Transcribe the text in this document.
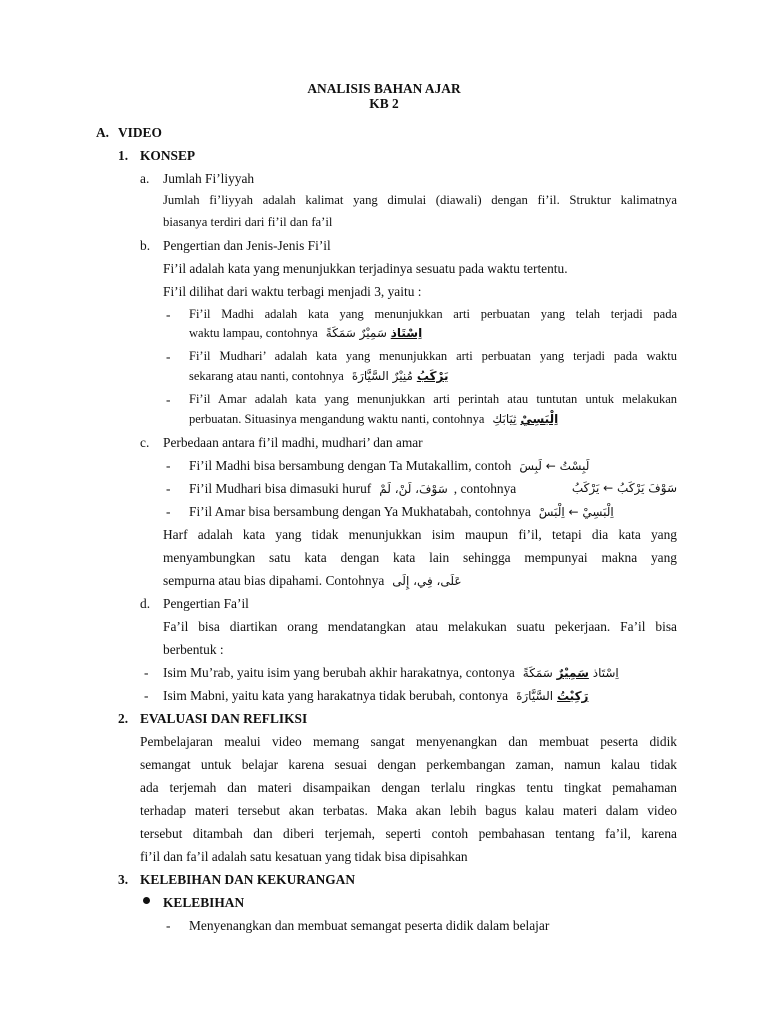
ANALISIS BAHAN AJAR
KB 2
A. VIDEO
1. KONSEP
a. Jumlah Fi’liyyah
Jumlah fi’liyyah adalah kalimat yang dimulai (diawali) dengan fi’il. Struktur kalimatnya
biasanya terdiri dari fi’il dan fa’il
b. Pengertian dan Jenis-Jenis Fi’il
Fi’il adalah kata yang menunjukkan terjadinya sesuatu pada waktu tertentu.
Fi’il dilihat dari waktu terbagi menjadi 3, yaitu :
- Fi’il Madhi adalah kata yang menunjukkan arti perbuatan yang telah terjadi pada
waktu lampau, contohnya	اِسْتَاذ سَمِيْرٌ سَمَكَةً
- Fi’il Mudhari’ adalah kata yang menunjukkan arti perbuatan yang terjadi pada waktu
sekarang atau nanti, contohnya	يَرْكَبُ مُنِيْرٌ السَّيَّارَةَ
- Fi’il Amar adalah kata yang menunjukkan arti perintah atau tuntutan untuk melakukan
perbuatan. Situasinya mengandung waktu nanti, contohnya	اِلْبَسِيْ ثِيَابَكِ
c. Perbedaan antara fi’il madhi, mudhari’ dan amar
- Fi’il Madhi bisa bersambung dengan Ta Mutakallim, contoh لَبِسْتُ ← لَبِسَ
- Fi’il Mudhari bisa dimasuki huruf سَوْفَ، لَنْ، لَمْ , contohnya	سَوْفَ يَرْكَبُ ← يَرْكَبُ
- Fi’il Amar bisa bersambung dengan Ya Mukhatabah, contohnya اِلْبَسِيْ ← اِلْبَسْ
Harf adalah kata yang tidak menunjukkan isim maupun fi’il, tetapi dia kata yang
menyambungkan satu kata dengan kata lain sehingga mempunyai makna yang
sempurna atau bias dipahami. Contohnya عَلَى، فِي، إِلَى
d. Pengertian Fa’il
Fa’il bisa diartikan orang mendatangkan atau melakukan suatu pekerjaan. Fa’il bisa
berbentuk :
- Isim Mu’rab, yaitu isim yang berubah akhir harakatnya, contonya	اِسْتَاذ سَمِيْرٌ سَمَكَةً
- Isim Mabni, yaitu kata yang harakatnya tidak berubah, contonya	رَكِبْتُ السَّيَّارَةَ
2. EVALUASI DAN REFLIKSI
Pembelajaran mealui video memang sangat menyenangkan dan membuat peserta didik
semangat untuk belajar karena sesuai dengan perkembangan zaman, namun kalau tidak
ada terjemah dan materi disampaikan dengan terlalu ringkas tentu tingkat pemahaman
terhadap materi tersebut akan terbatas. Maka akan lebih bagus kalau materi dalam video
tersebut ditambah dan diberi terjemah, seperti contoh pembahasan tentang fa’il, karena
fi’il dan fa’il adalah satu kesatuan yang tidak bisa dipisahkan
3. KELEBIHAN DAN KEKURANGAN
KELEBIHAN
- Menyenangkan dan membuat semangat peserta didik dalam belajar
